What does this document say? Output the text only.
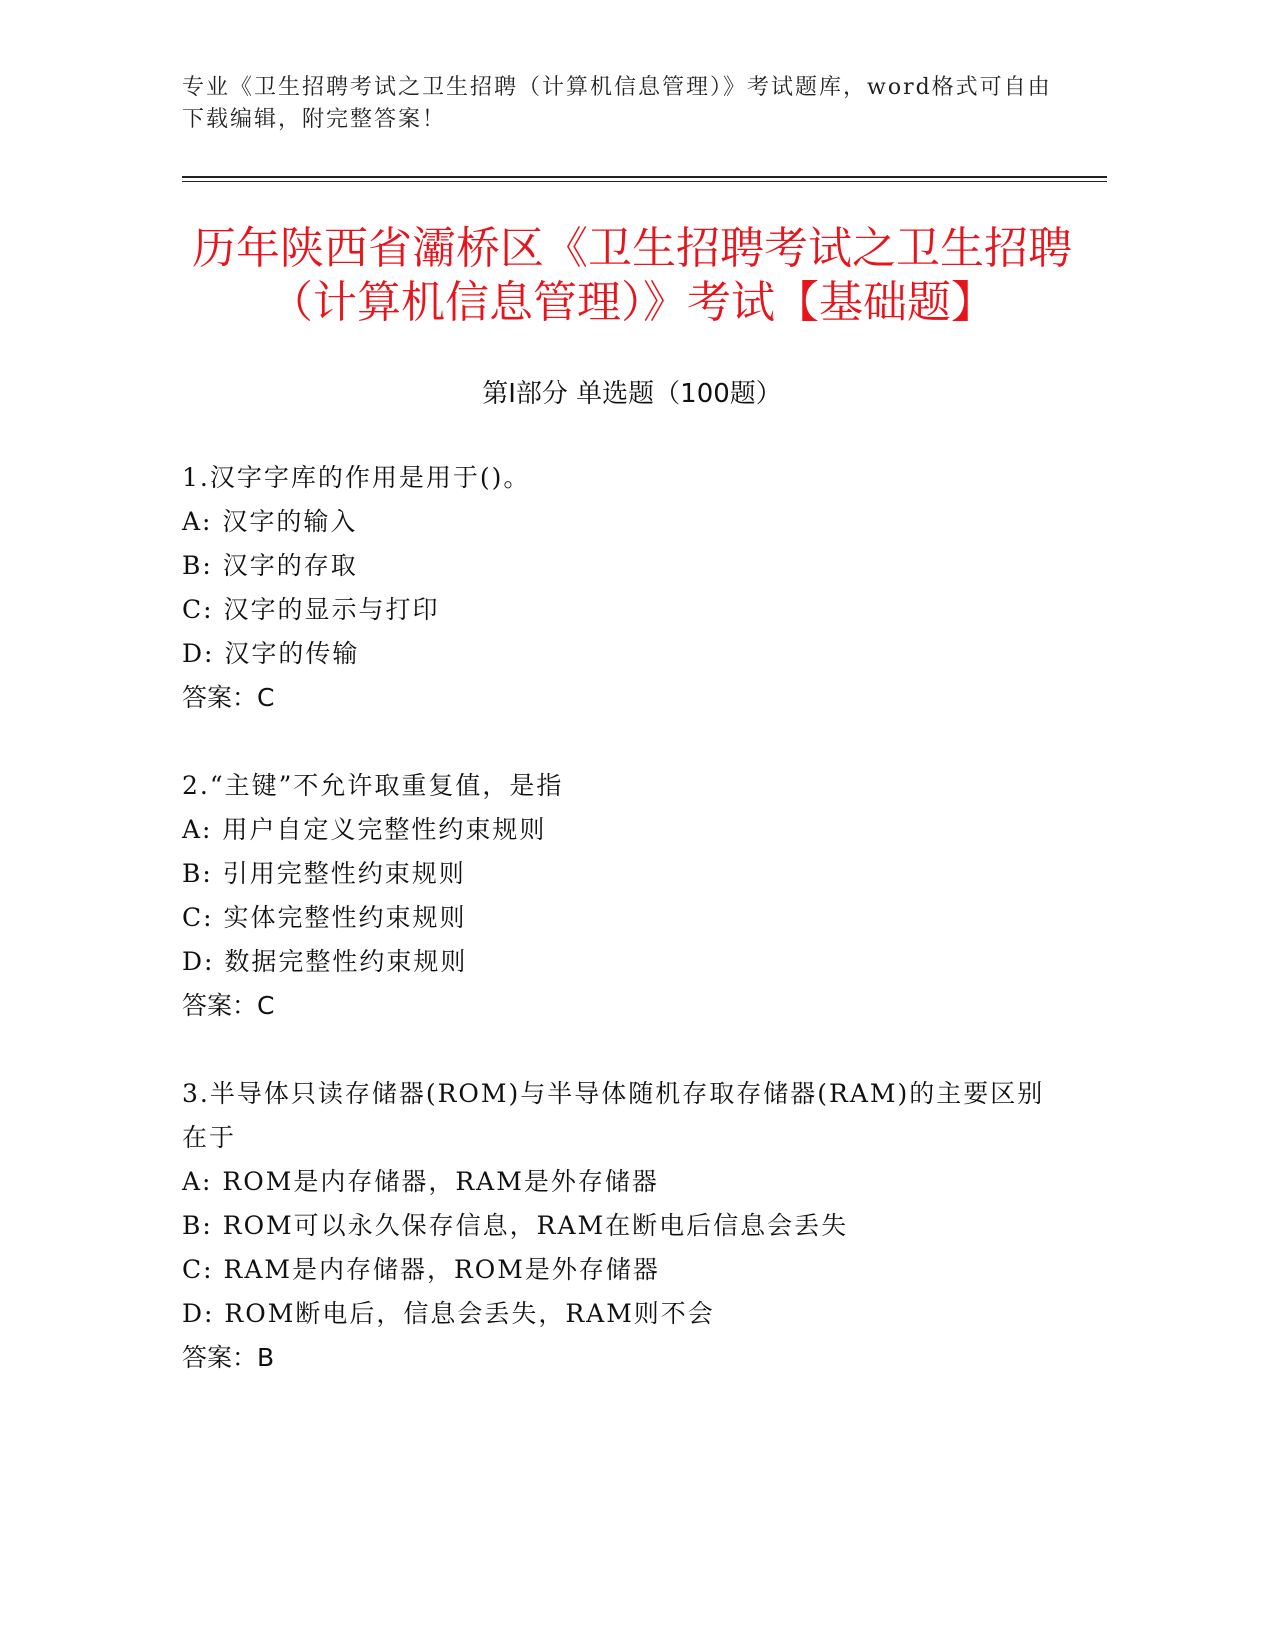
专业《卫生招聘考试之卫生招聘（计算机信息管理）》考试题库，word格式可自由下载编辑，附完整答案！
历年陕西省灞桥区《卫生招聘考试之卫生招聘（计算机信息管理）》考试【基础题】
第Ⅰ部分 单选题（100题）
1.汉字字库的作用是用于()。
A: 汉字的输入
B: 汉字的存取
C: 汉字的显示与打印
D: 汉字的传输
答案：C
2.“主键”不允许取重复值，是指
A: 用户自定义完整性约束规则
B: 引用完整性约束规则
C: 实体完整性约束规则
D: 数据完整性约束规则
答案：C
3.半导体只读存储器(ROM)与半导体随机存取存储器(RAM)的主要区别在于
A: ROM是内存储器，RAM是外存储器
B: ROM可以永久保存信息，RAM在断电后信息会丢失
C: RAM是内存储器，ROM是外存储器
D: ROM断电后，信息会丢失，RAM则不会
答案：B
